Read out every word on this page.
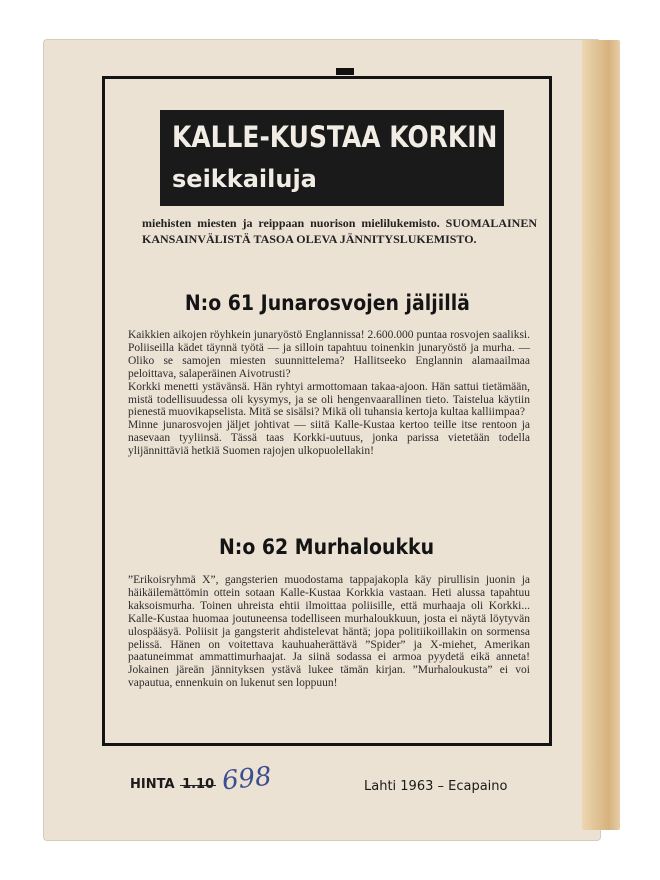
KALLE-KUSTAA KORKIN
seikkailuja
miehisten miesten ja reippaan nuorison mielilukemisto. SUOMALAINEN KANSAINVÄLISTÄ TASOA OLEVA JÄNNITYSLUKEMISTO.
N:o 61 Junarosvojen jäljillä

Kaikkien aikojen röyhkein junaryöstö Englannissa! 2.600.000 puntaa rosvojen saaliksi. Poliiseilla kädet täynnä työtä — ja silloin tapahtuu toinenkin junaryöstö ja murha. — Oliko se samojen miesten suunnittelema? Hallitseeko Englannin alamaailmaa peloittava, salaperäinen Aivotrusti?

Korkki menetti ystävänsä. Hän ryhtyi armottomaan takaa-ajoon. Hän sattui tietämään, mistä todellisuudessa oli kysymys, ja se oli hengenvaarallinen tieto. Taistelua käytiin pienestä muovikapselista. Mitä se sisälsi? Mikä oli tuhansia kertoja kultaa kalliimpaa?

Minne junarosvojen jäljet johtivat — siitä Kalle-Kustaa kertoo teille itse rentoon ja nasevaan tyyliinsä. Tässä taas Korkki-uutuus, jonka parissa vietetään todella ylijännittäviä hetkiä Suomen rajojen ulkopuolellakin!

N:o 62 Murhaloukku

”Erikoisryhmä X”, gangsterien muodostama tappajakopla käy pirullisin juonin ja häikäilemättömin ottein sotaan Kalle-Kustaa Korkkia vastaan. Heti alussa tapahtuu kaksoismurha. Toinen uhreista ehtii ilmoittaa poliisille, että murhaaja oli Korkki... Kalle-Kustaa huomaa joutuneensa todelliseen murhaloukkuun, josta ei näytä löytyvän ulospääsyä. Poliisit ja gangsterit ahdistelevat häntä; jopa politiikoillakin on sormensa pelissä. Hänen on voitettava kauhuaherättävä ”Spider” ja X-miehet, Amerikan paatuneimmat ammattimurhaajat. Ja siinä sodassa ei armoa pyydetä eikä anneta! Jokainen järeän jännityksen ystävä lukee tämän kirjan. ”Murhaloukusta” ei voi vapautua, ennenkuin on lukenut sen loppuun!

HINTA 1.10 698	Lahti 1963 – Ecapaino
